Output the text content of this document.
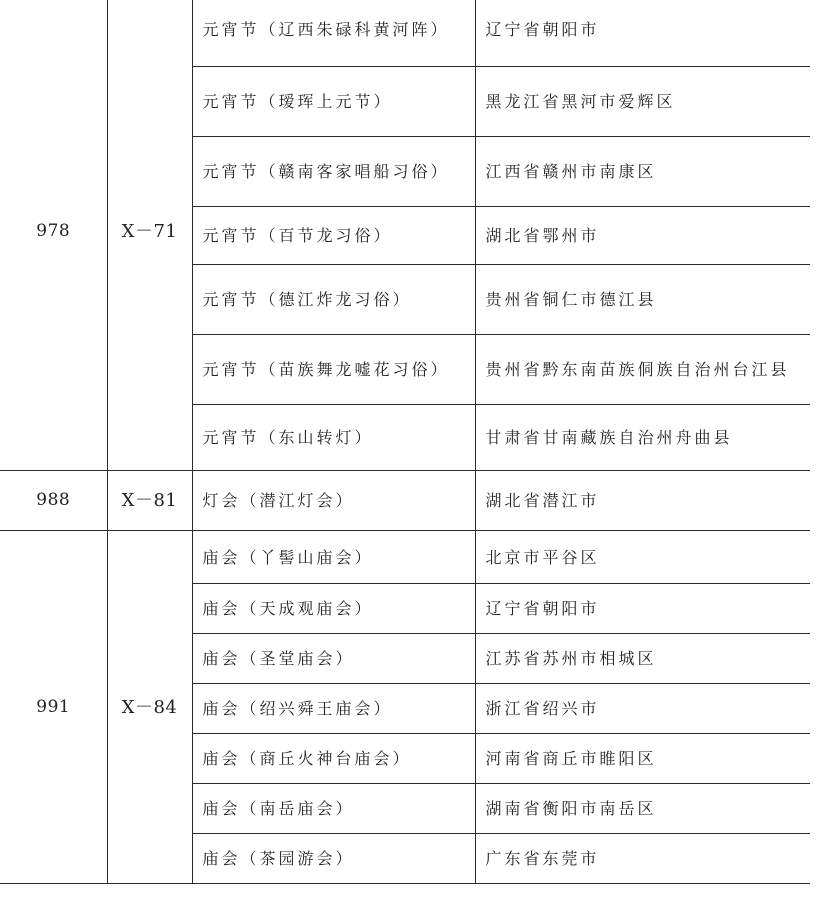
978	Ⅹ－71	元宵节（辽西朱碌科黄河阵）	辽宁省朝阳市
		元宵节（瑷珲上元节）	黑龙江省黑河市爱辉区
		元宵节（赣南客家唱船习俗）	江西省赣州市南康区
		元宵节（百节龙习俗）	湖北省鄂州市
		元宵节（德江炸龙习俗）	贵州省铜仁市德江县
		元宵节（苗族舞龙嘘花习俗）	贵州省黔东南苗族侗族自治州台江县
		元宵节（东山转灯）	甘肃省甘南藏族自治州舟曲县
988	Ⅹ－81	灯会（潜江灯会）	湖北省潜江市
991	Ⅹ－84	庙会（丫髻山庙会）	北京市平谷区
		庙会（天成观庙会）	辽宁省朝阳市
		庙会（圣堂庙会）	江苏省苏州市相城区
		庙会（绍兴舜王庙会）	浙江省绍兴市
		庙会（商丘火神台庙会）	河南省商丘市睢阳区
		庙会（南岳庙会）	湖南省衡阳市南岳区
		庙会（茶园游会）	广东省东莞市
